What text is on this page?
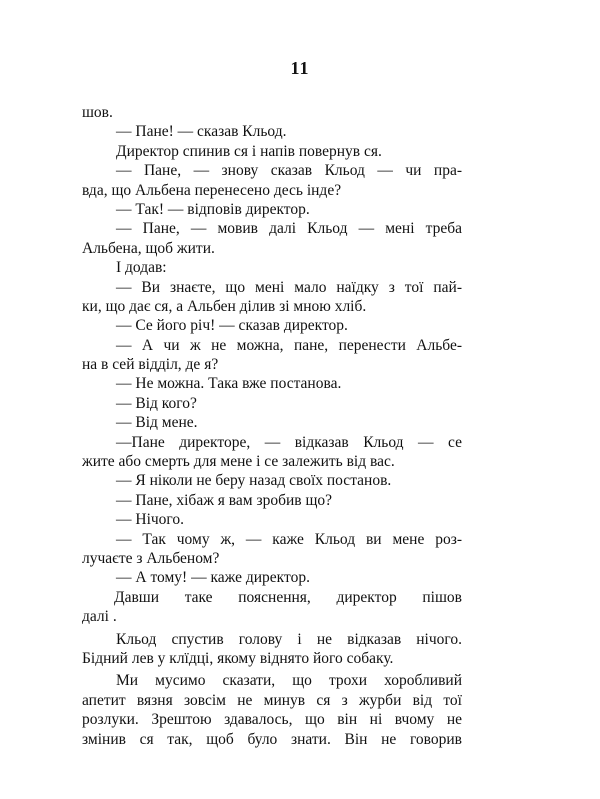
11
шов.
— Пане! — сказав Кльод.
Директор спинив ся і напів повернув ся.
— Пане, — знову сказав Кльод — чи пра-
вда, що Альбена перенесено десь інде?
— Так! — відповів директор.
— Пане, — мовив далі Кльод — мені треба
Альбена, щоб жити.
І додав:
— Ви знаєте, що мені мало наїдку з тої пай-
ки, що дає ся, а Альбен ділив зі мною хліб.
— Се його річ! — сказав директор.
— А чи ж не можна, пане, перенести Альбе-
на в сей відділ, де я?
— Не можна. Така вже постанова.
— Від кого?
— Від мене.
—Пане директоре, — відказав Кльод — се
жите або смерть для мене і се залежить від вас.
— Я ніколи не беру назад своїх постанов.
— Пане, хібаж я вам зробив що?
— Нічого.
— Так чому ж, — каже Кльод ви мене роз-
лучаєте з Альбеном?
— А тому! — каже директор.
Давши таке пояснення, директор пішов
далі .
Кльод спустив голову і не відказав нічого.
Бідний лев у клїдці, якому віднято його собаку.
Ми мусимо сказати, що трохи хоробливий
апетит вязня зовсім не минув ся з журби від тої
розлуки. Зрештою здавалось, що він ні вчому не
змінив ся так, щоб було знати. Він не говорив
